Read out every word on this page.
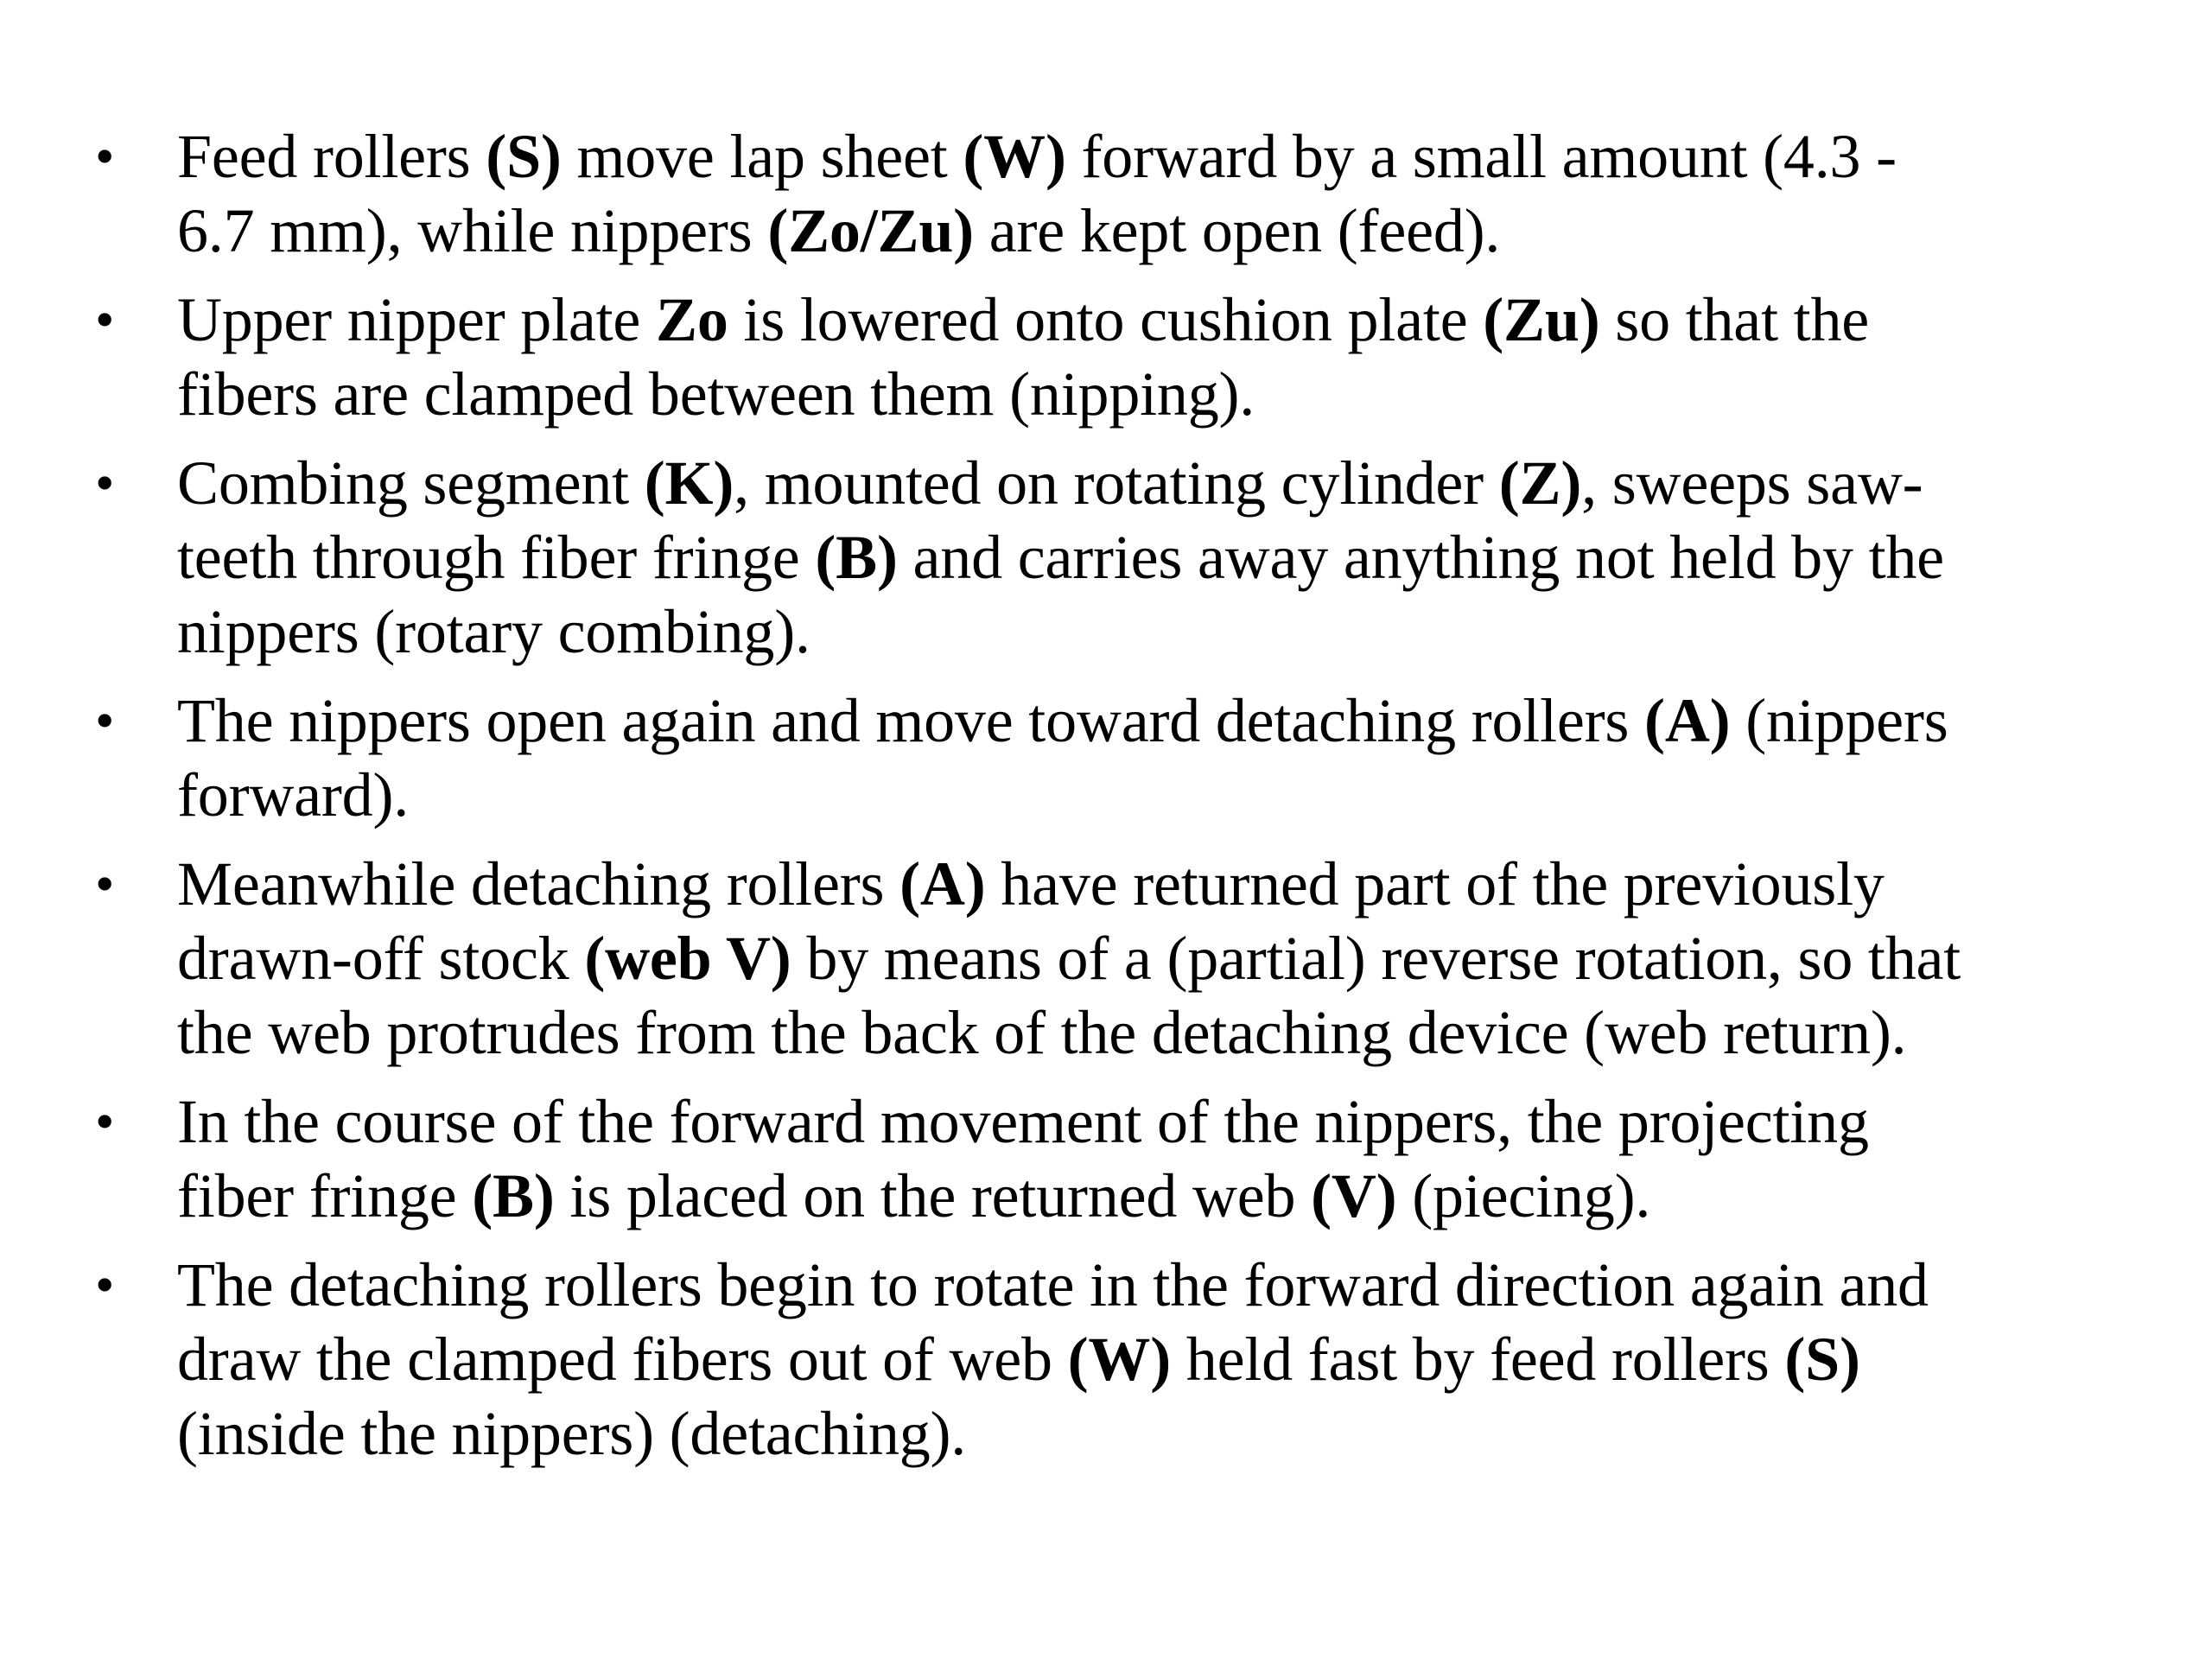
•	Feed rollers (S) move lap sheet (W) forward by a small amount (4.3 -
6.7 mm), while nippers (Zo/Zu) are kept open (feed).
•	Upper nipper plate Zo is lowered onto cushion plate (Zu) so that the
fibers are clamped between them (nipping).
•	Combing segment (K), mounted on rotating cylinder (Z), sweeps saw-
teeth through fiber fringe (B) and carries away anything not held by the
nippers (rotary combing).
•	The nippers open again and move toward detaching rollers (A) (nippers
forward).
•	Meanwhile detaching rollers (A) have returned part of the previously
drawn-off stock (web V) by means of a (partial) reverse rotation, so that
the web protrudes from the back of the detaching device (web return).
•	In the course of the forward movement of the nippers, the projecting
fiber fringe (B) is placed on the returned web (V) (piecing).
•	The detaching rollers begin to rotate in the forward direction again and
draw the clamped fibers out of web (W) held fast by feed rollers (S)
(inside the nippers) (detaching).
